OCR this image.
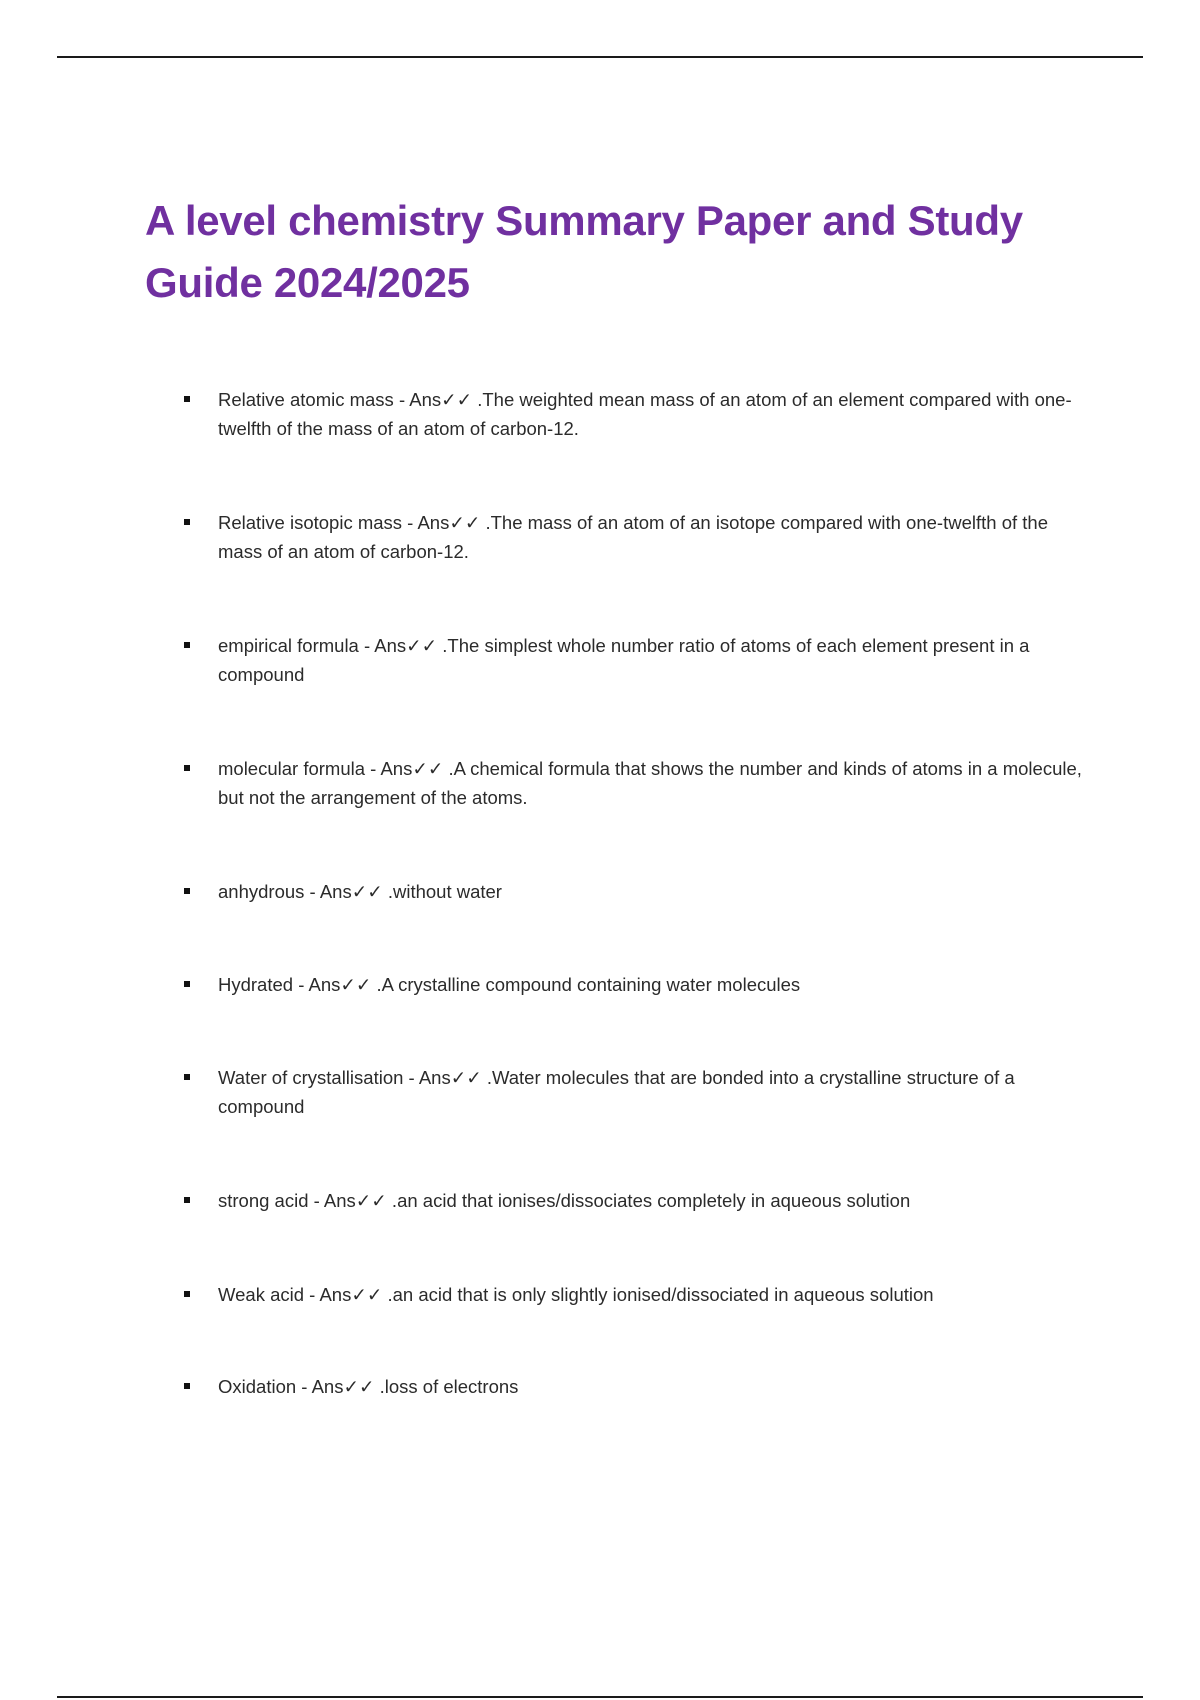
A level chemistry Summary Paper and Study Guide 2024/2025
Relative atomic mass - Ans✓✓ .The weighted mean mass of an atom of an element compared with one-twelfth of the mass of an atom of carbon-12.
Relative isotopic mass - Ans✓✓ .The mass of an atom of an isotope compared with one-twelfth of the mass of an atom of carbon-12.
empirical formula - Ans✓✓ .The simplest whole number ratio of atoms of each element present in a compound
molecular formula - Ans✓✓ .A chemical formula that shows the number and kinds of atoms in a molecule, but not the arrangement of the atoms.
anhydrous - Ans✓✓ .without water
Hydrated - Ans✓✓ .A crystalline compound containing water molecules
Water of crystallisation - Ans✓✓ .Water molecules that are bonded into a crystalline structure of a compound
strong acid - Ans✓✓ .an acid that ionises/dissociates completely in aqueous solution
Weak acid - Ans✓✓ .an acid that is only slightly ionised/dissociated in aqueous solution
Oxidation - Ans✓✓ .loss of electrons
